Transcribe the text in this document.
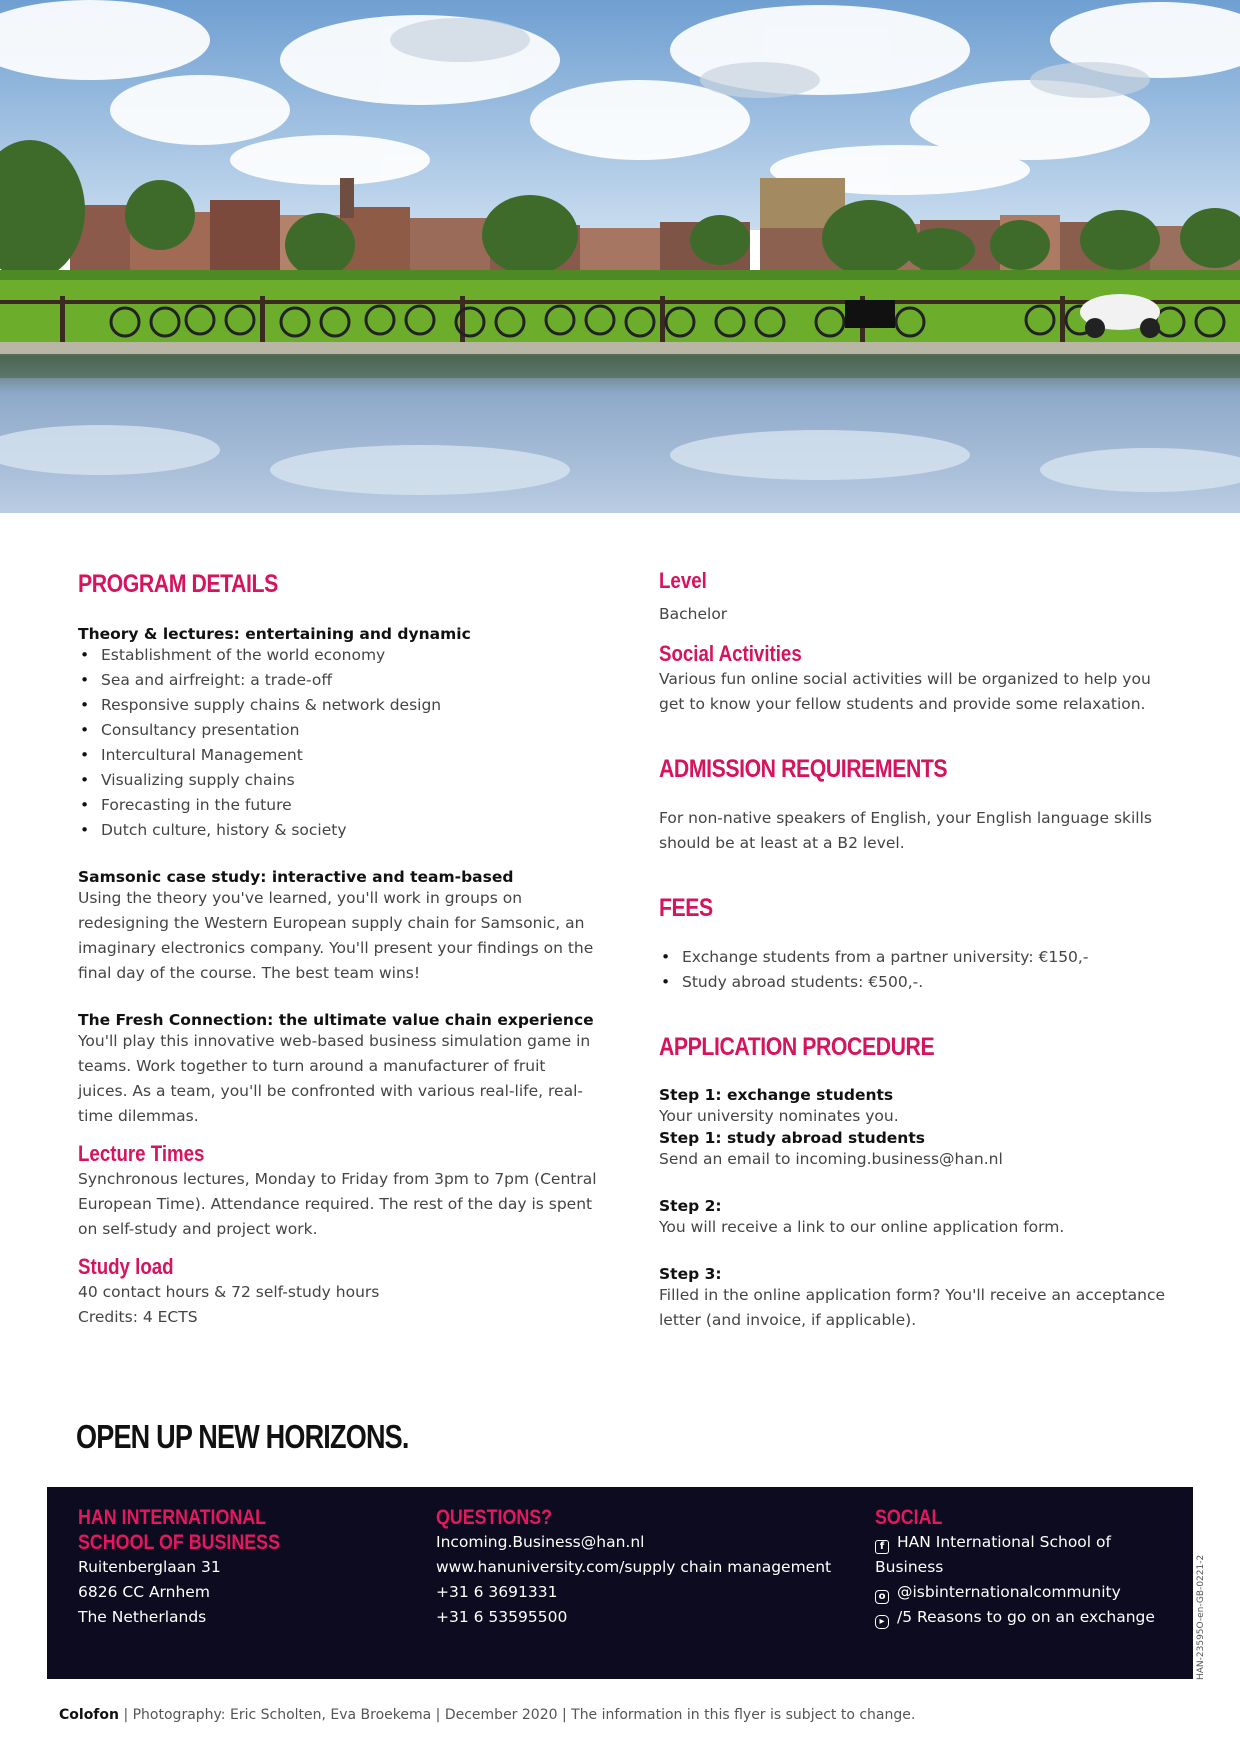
PROGRAM DETAILS

Theory & lectures: entertaining and dynamic

• Establishment of the world economy
• Sea and airfreight: a trade-off
• Responsive supply chains & network design
• Consultancy presentation
• Intercultural Management
• Visualizing supply chains
• Forecasting in the future
• Dutch culture, history & society

Samsonic case study: interactive and team-based

Using the theory you've learned, you'll work in groups on redesigning the Western European supply chain for Samsonic, an imaginary electronics company. You'll present your findings on the final day of the course. The best team wins!

The Fresh Connection: the ultimate value chain experience

You'll play this innovative web-based business simulation game in teams. Work together to turn around a manufacturer of fruit juices. As a team, you'll be confronted with various real-life, real-time dilemmas.

Lecture Times

Synchronous lectures, Monday to Friday from 3pm to 7pm (Central European Time). Attendance required. The rest of the day is spent on self-study and project work.

Study load

40 contact hours & 72 self-study hours

Credits: 4 ECTS

Level

Bachelor

Social Activities

Various fun online social activities will be organized to help you get to know your fellow students and provide some relaxation.

ADMISSION REQUIREMENTS

For non-native speakers of English, your English language skills should be at least at a B2 level.

FEES
• Exchange students from a partner university: €150,-
• Study abroad students: €500,-.
APPLICATION PROCEDURE

Step 1: exchange students

Your university nominates you.

Step 1: study abroad students

Send an email to incoming.business@han.nl

Step 2:

You will receive a link to our online application form.

Step 3:

Filled in the online application form? You'll receive an acceptance letter (and invoice, if applicable).

OPEN UP NEW HORIZONS.

HAN INTERNATIONAL SCHOOL OF BUSINESS

Ruitenberglaan 31

6826 CC Arnhem

The Netherlands

QUESTIONS?

Incoming.Business@han.nl

www.hanuniversity.com/supply chain management

+31 6 3691331

+31 6 53595500

SOCIAL

f HAN International School of Business

o @isbinternationalcommunity

▸ /5 Reasons to go on an exchange	HAN-23595O-en-GB-0221-2
Colofon | Photography: Eric Scholten, Eva Broekema | December 2020 | The information in this flyer is subject to change.
